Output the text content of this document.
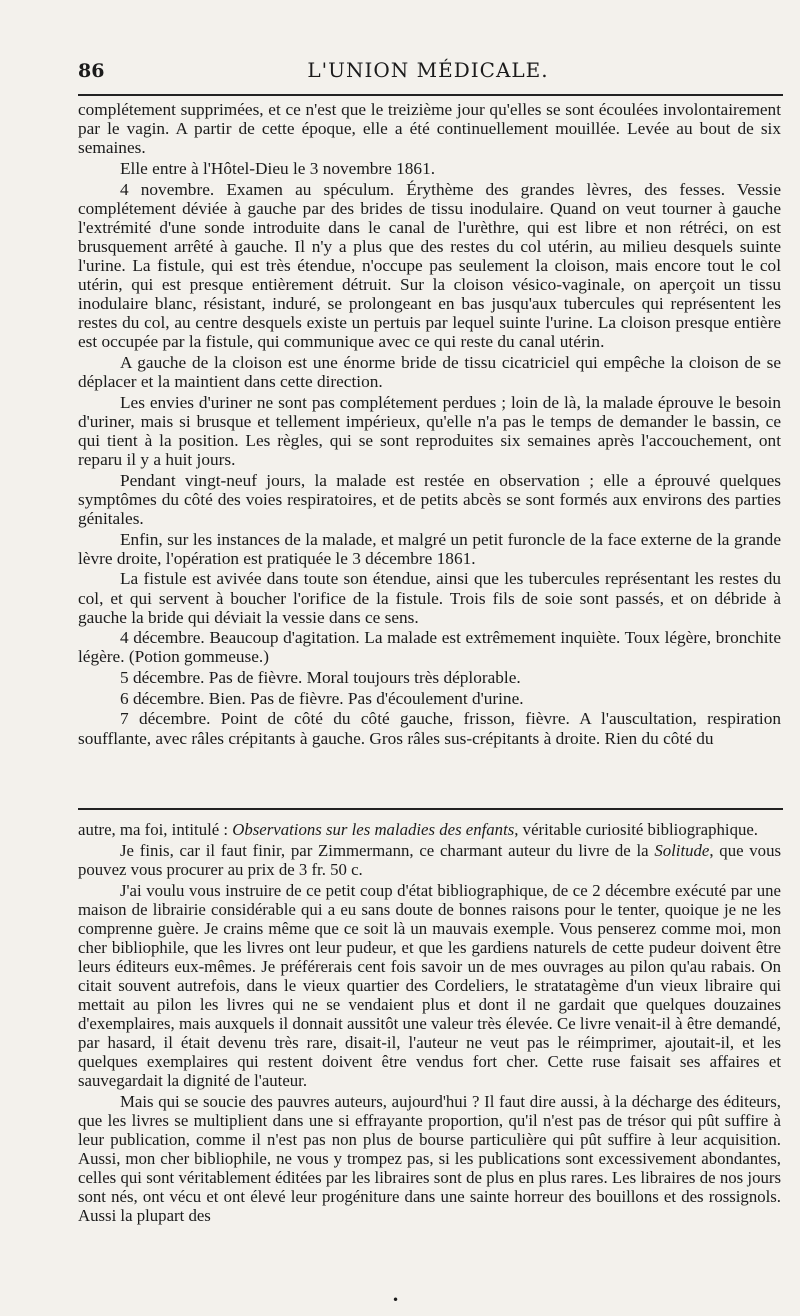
86	L'UNION MÉDICALE.

complétement supprimées, et ce n'est que le treizième jour qu'elles se sont écoulées involontairement par le vagin. A partir de cette époque, elle a été continuellement mouillée. Levée au bout de six semaines.

Elle entre à l'Hôtel-Dieu le 3 novembre 1861.

4 novembre. Examen au spéculum. Érythème des grandes lèvres, des fesses. Vessie complétement déviée à gauche par des brides de tissu inodulaire. Quand on veut tourner à gauche l'extrémité d'une sonde introduite dans le canal de l'urèthre, qui est libre et non rétréci, on est brusquement arrêté à gauche. Il n'y a plus que des restes du col utérin, au milieu desquels suinte l'urine. La fistule, qui est très étendue, n'occupe pas seulement la cloison, mais encore tout le col utérin, qui est presque entièrement détruit. Sur la cloison vésico-vaginale, on aperçoit un tissu inodulaire blanc, résistant, induré, se prolongeant en bas jusqu'aux tubercules qui représentent les restes du col, au centre desquels existe un pertuis par lequel suinte l'urine. La cloison presque entière est occupée par la fistule, qui communique avec ce qui reste du canal utérin.

A gauche de la cloison est une énorme bride de tissu cicatriciel qui empêche la cloison de se déplacer et la maintient dans cette direction.

Les envies d'uriner ne sont pas complétement perdues ; loin de là, la malade éprouve le besoin d'uriner, mais si brusque et tellement impérieux, qu'elle n'a pas le temps de demander le bassin, ce qui tient à la position. Les règles, qui se sont reproduites six semaines après l'accouchement, ont reparu il y a huit jours.

Pendant vingt-neuf jours, la malade est restée en observation ; elle a éprouvé quelques symptômes du côté des voies respiratoires, et de petits abcès se sont formés aux environs des parties génitales.

Enfin, sur les instances de la malade, et malgré un petit furoncle de la face externe de la grande lèvre droite, l'opération est pratiquée le 3 décembre 1861.

La fistule est avivée dans toute son étendue, ainsi que les tubercules représentant les restes du col, et qui servent à boucher l'orifice de la fistule. Trois fils de soie sont passés, et on débride à gauche la bride qui déviait la vessie dans ce sens.

4 décembre. Beaucoup d'agitation. La malade est extrêmement inquiète. Toux légère, bronchite légère. (Potion gommeuse.)

5 décembre. Pas de fièvre. Moral toujours très déplorable.

6 décembre. Bien. Pas de fièvre. Pas d'écoulement d'urine.

7 décembre. Point de côté du côté gauche, frisson, fièvre. A l'auscultation, respiration soufflante, avec râles crépitants à gauche. Gros râles sus-crépitants à droite. Rien du côté du

autre, ma foi, intitulé : Observations sur les maladies des enfants, véritable curiosité bibliographique.

Je finis, car il faut finir, par Zimmermann, ce charmant auteur du livre de la Solitude, que vous pouvez vous procurer au prix de 3 fr. 50 c.

J'ai voulu vous instruire de ce petit coup d'état bibliographique, de ce 2 décembre exécuté par une maison de librairie considérable qui a eu sans doute de bonnes raisons pour le tenter, quoique je ne les comprenne guère. Je crains même que ce soit là un mauvais exemple. Vous penserez comme moi, mon cher bibliophile, que les livres ont leur pudeur, et que les gardiens naturels de cette pudeur doivent être leurs éditeurs eux-mêmes. Je préférerais cent fois savoir un de mes ouvrages au pilon qu'au rabais. On citait souvent autrefois, dans le vieux quartier des Cordeliers, le stratatagème d'un vieux libraire qui mettait au pilon les livres qui ne se vendaient plus et dont il ne gardait que quelques douzaines d'exemplaires, mais auxquels il donnait aussitôt une valeur très élevée. Ce livre venait-il à être demandé, par hasard, il était devenu très rare, disait-il, l'auteur ne veut pas le réimprimer, ajoutait-il, et les quelques exemplaires qui restent doivent être vendus fort cher. Cette ruse faisait ses affaires et sauvegardait la dignité de l'auteur.

Mais qui se soucie des pauvres auteurs, aujourd'hui ? Il faut dire aussi, à la décharge des éditeurs, que les livres se multiplient dans une si effrayante proportion, qu'il n'est pas de trésor qui pût suffire à leur publication, comme il n'est pas non plus de bourse particulière qui pût suffire à leur acquisition. Aussi, mon cher bibliophile, ne vous y trompez pas, si les publications sont excessivement abondantes, celles qui sont véritablement éditées par les libraires sont de plus en plus rares. Les libraires de nos jours sont nés, ont vécu et ont élevé leur progéniture dans une sainte horreur des bouillons et des rossignols. Aussi la plupart des

•
